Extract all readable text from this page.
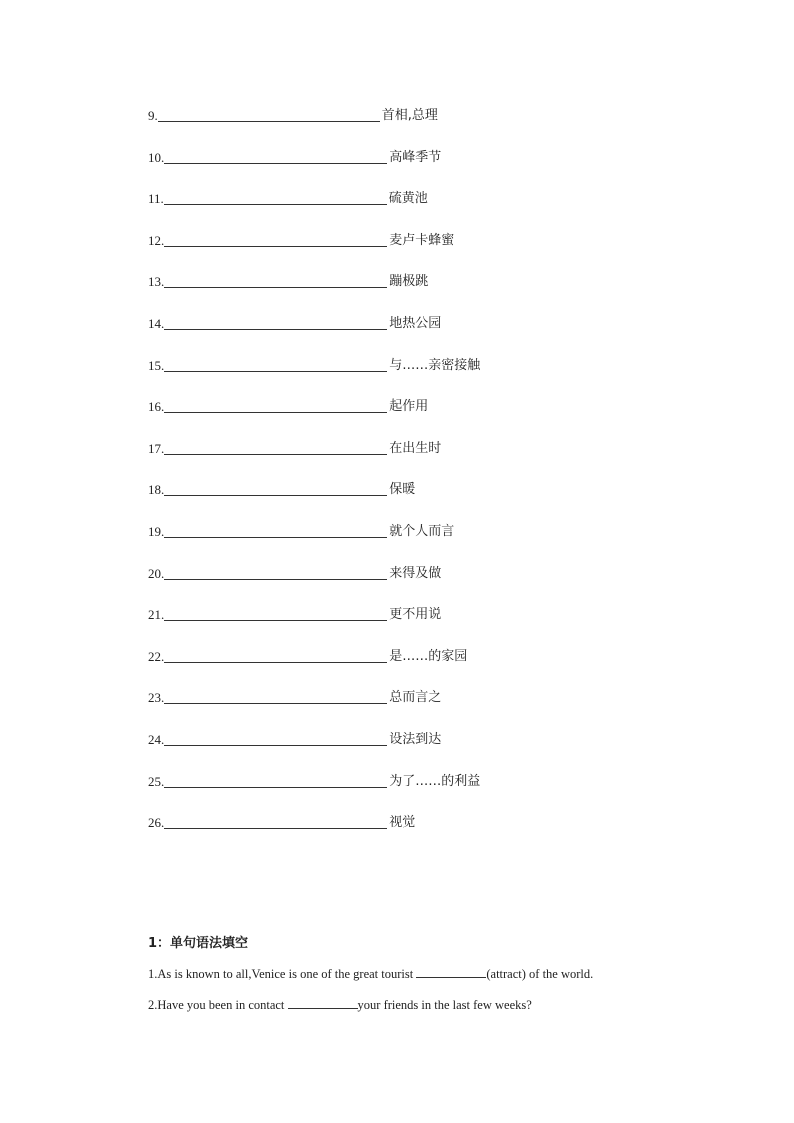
9.	首相,总理
10.	高峰季节
11.	硫黄池
12.	麦卢卡蜂蜜
13.	蹦极跳
14.	地热公园
15.	与……亲密接触
16.	起作用
17.	在出生时
18.	保暖
19.	就个人而言
20.	来得及做
21.	更不用说
22.	是……的家园
23.	总而言之
24.	设法到达
25.	为了……的利益
26.	视觉
1：单句语法填空
1.As is known to all,Venice is one of the great tourist	(attract) of the world.
2.Have you been in contact	your friends in the last few weeks?
